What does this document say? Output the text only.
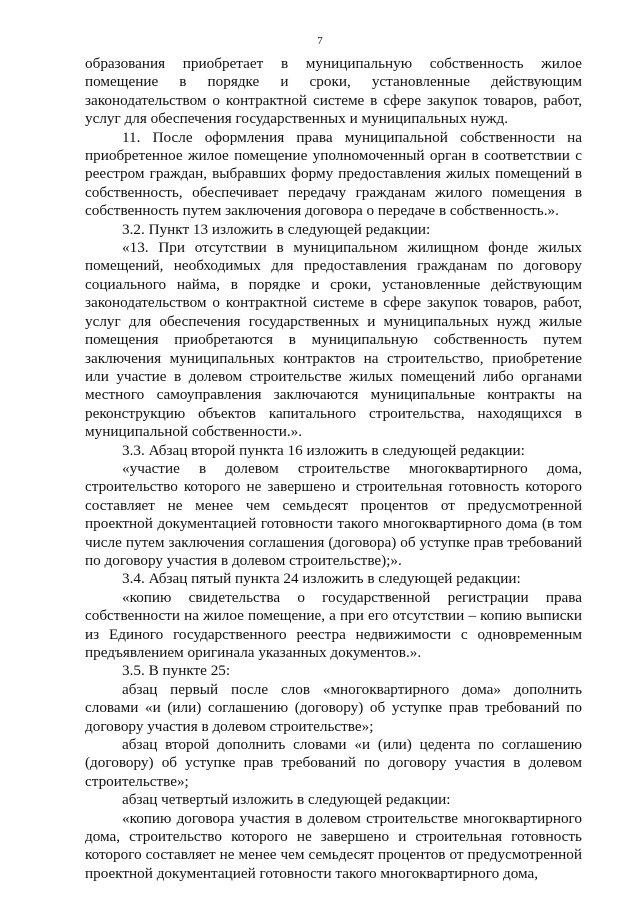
7

образования приобретает в муниципальную собственность жилое помещение в порядке и сроки, установленные действующим законодательством о контрактной системе в сфере закупок товаров, работ, услуг для обеспечения государственных и муниципальных нужд.

11. После оформления права муниципальной собственности на приобретенное жилое помещение уполномоченный орган в соответствии с реестром граждан, выбравших форму предоставления жилых помещений в собственность, обеспечивает передачу гражданам жилого помещения в собственность путем заключения договора о передаче в собственность.».

3.2. Пункт 13 изложить в следующей редакции:

«13. При отсутствии в муниципальном жилищном фонде жилых помещений, необходимых для предоставления гражданам по договору социального найма, в порядке и сроки, установленные действующим законодательством о контрактной системе в сфере закупок товаров, работ, услуг для обеспечения государственных и муниципальных нужд жилые помещения приобретаются в муниципальную собственность путем заключения муниципальных контрактов на строительство, приобретение или участие в долевом строительстве жилых помещений либо органами местного самоуправления заключаются муниципальные контракты на реконструкцию объектов капитального строительства, находящихся в муниципальной собственности.».

3.3. Абзац второй пункта 16 изложить в следующей редакции:

«участие в долевом строительстве многоквартирного дома, строительство которого не завершено и строительная готовность которого составляет не менее чем семьдесят процентов от предусмотренной проектной документацией готовности такого многоквартирного дома (в том числе путем заключения соглашения (договора) об уступке прав требований по договору участия в долевом строительстве);».

3.4. Абзац пятый пункта 24 изложить в следующей редакции:

«копию свидетельства о государственной регистрации права собственности на жилое помещение, а при его отсутствии – копию выписки из Единого государственного реестра недвижимости с одновременным предъявлением оригинала указанных документов.».

3.5. В пункте 25:

абзац первый после слов «многоквартирного дома» дополнить словами «и (или) соглашению (договору) об уступке прав требований по договору участия в долевом строительстве»;

абзац второй дополнить словами «и (или) цедента по соглашению (договору) об уступке прав требований по договору участия в долевом строительстве»;

абзац четвертый изложить в следующей редакции:

«копию договора участия в долевом строительстве многоквартирного дома, строительство которого не завершено и строительная готовность которого составляет не менее чем семьдесят процентов от предусмотренной проектной документацией готовности такого многоквартирного дома,
